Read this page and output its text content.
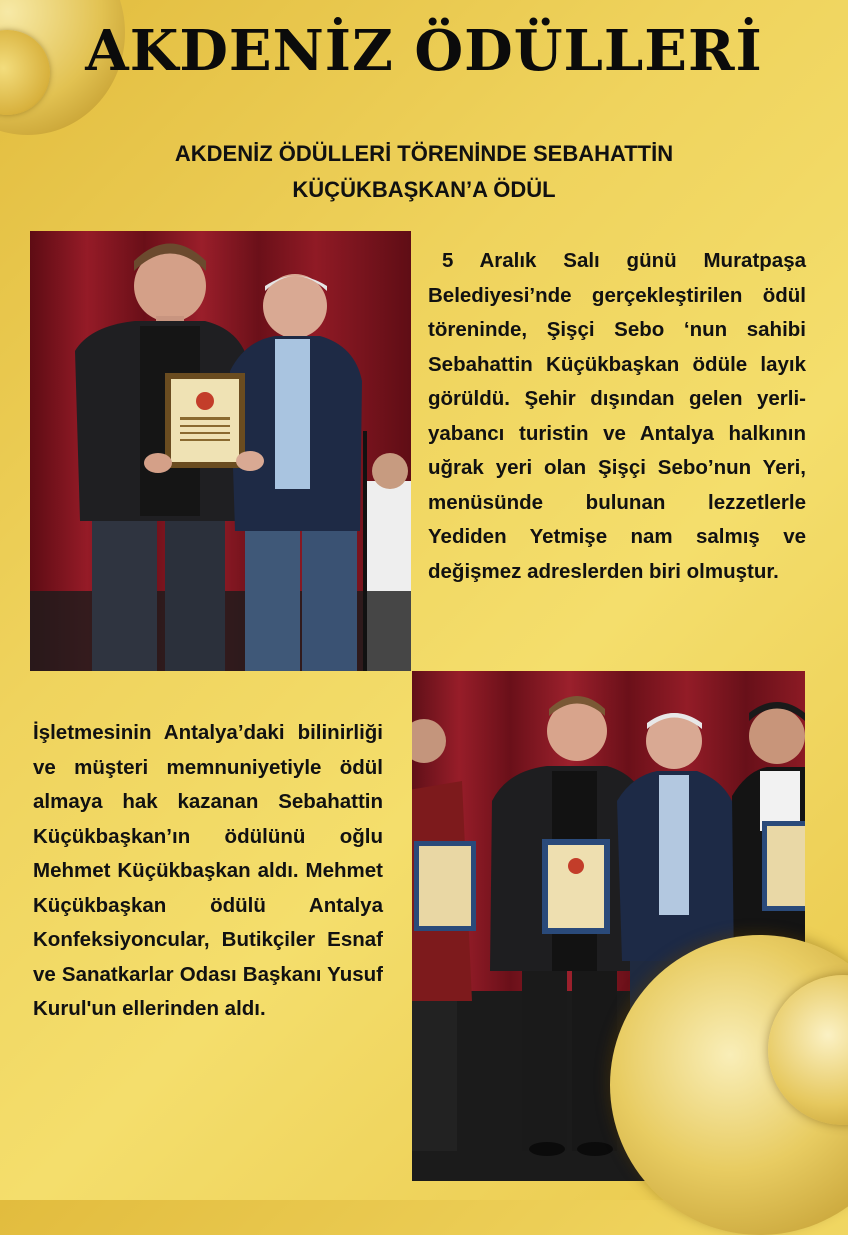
AKDENİZ ÖDÜLLERİ
AKDENİZ ÖDÜLLERİ TÖRENİNDE SEBAHATTİN KÜÇÜKBAŞKAN’A ÖDÜL

5 Aralık Salı günü Muratpaşa Belediyesi’nde gerçekleştirilen ödül töreninde, Şişçi Sebo ‘nun sahibi Sebahattin Küçükbaşkan ödüle layık görüldü. Şehir dışından gelen yerli-yabancı turistin ve Antalya halkının uğrak yeri olan Şişçi Sebo’nun Yeri, menüsünde bulunan lezzetlerle Yediden Yetmişe nam salmış ve değişmez adreslerden biri olmuştur.

İşletmesinin Antalya’daki bilinirliği ve müşteri memnuniyetiyle ödül almaya hak kazanan Sebahattin Küçükbaşkan’ın ödülünü oğlu Mehmet Küçükbaşkan aldı. Mehmet Küçükbaşkan ödülü Antalya Konfeksiyoncular, Butikçiler Esnaf ve Sanatkarlar Odası Başkanı Yusuf Kurul'un ellerinden aldı.
